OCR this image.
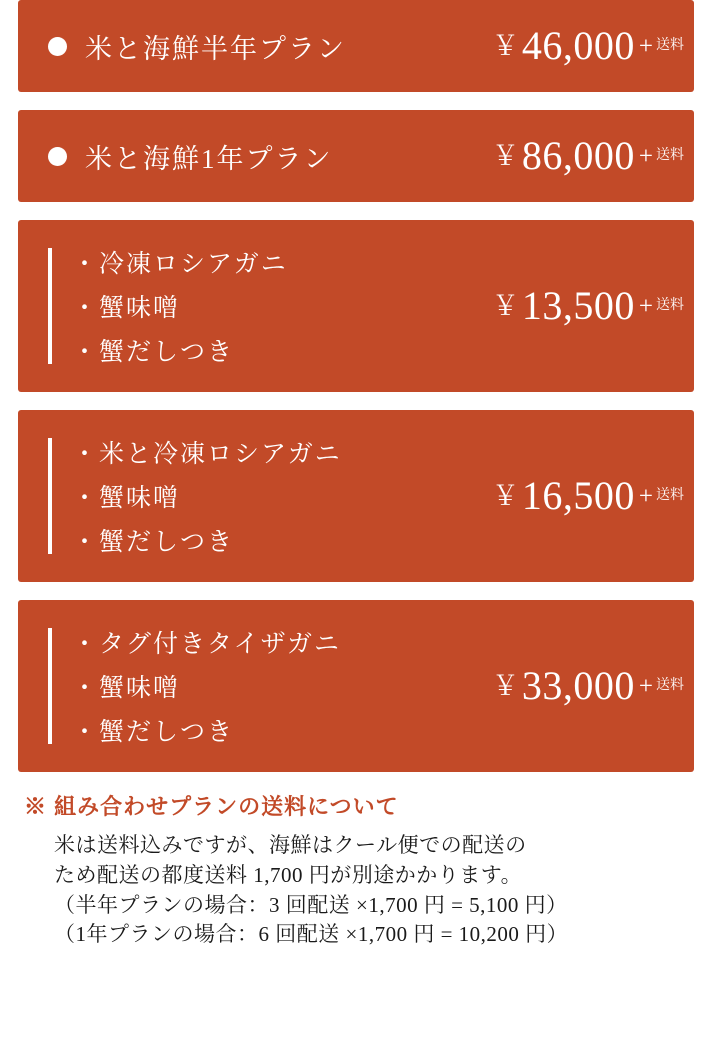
米と海鮮半年プラン	￥ 46,000 + 送料
米と海鮮1年プラン	￥ 86,000 + 送料
・冷凍ロシアガニ
・蟹味噌
・蟹だしつき
￥ 13,500 + 送料
・米と冷凍ロシアガニ
・蟹味噌
・蟹だしつき
￥ 16,500 + 送料
・タグ付きタイザガニ
・蟹味噌
・蟹だしつき
￥ 33,000 + 送料
※ 組み合わせプランの送料について
米は送料込みですが、海鮮はクール便での配送の
ため配送の都度送料 1,700 円が別途かかります。
（半年プランの場合：3 回配送 ×1,700 円 = 5,100 円）
（1年プランの場合：6 回配送 ×1,700 円 = 10,200 円）
